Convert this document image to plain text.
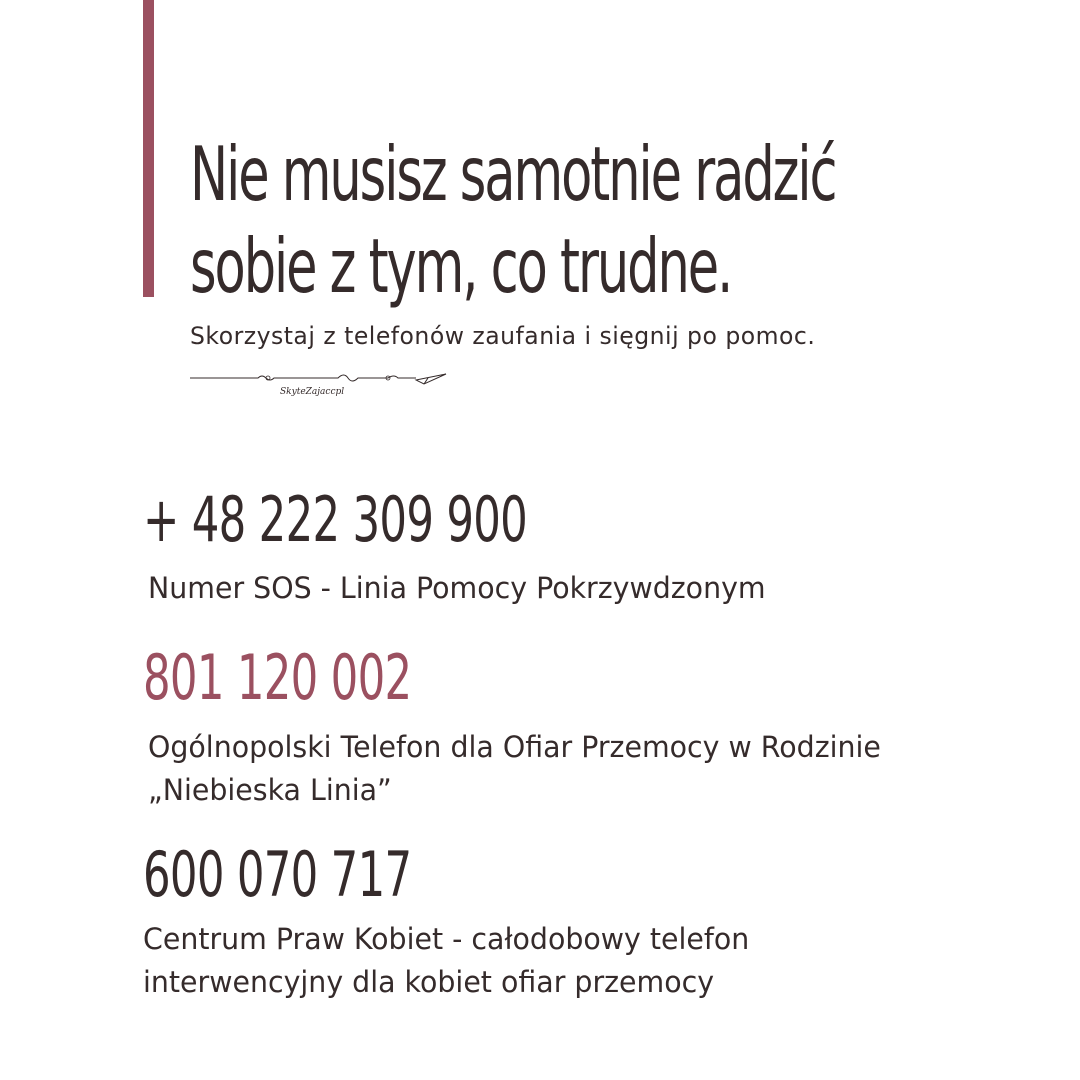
Nie musisz samotnie radzić
sobie z tym, co trudne.

Skorzystaj z telefonów zaufania i sięgnij po pomoc.

SkyteZajaccpl
+ 48 222 309 900

Numer SOS - Linia Pomocy Pokrzywdzonym

801 120 002

Ogólnopolski Telefon dla Ofiar Przemocy w Rodzinie
„Niebieska Linia”

600 070 717

Centrum Praw Kobiet - całodobowy telefon
interwencyjny dla kobiet ofiar przemocy
